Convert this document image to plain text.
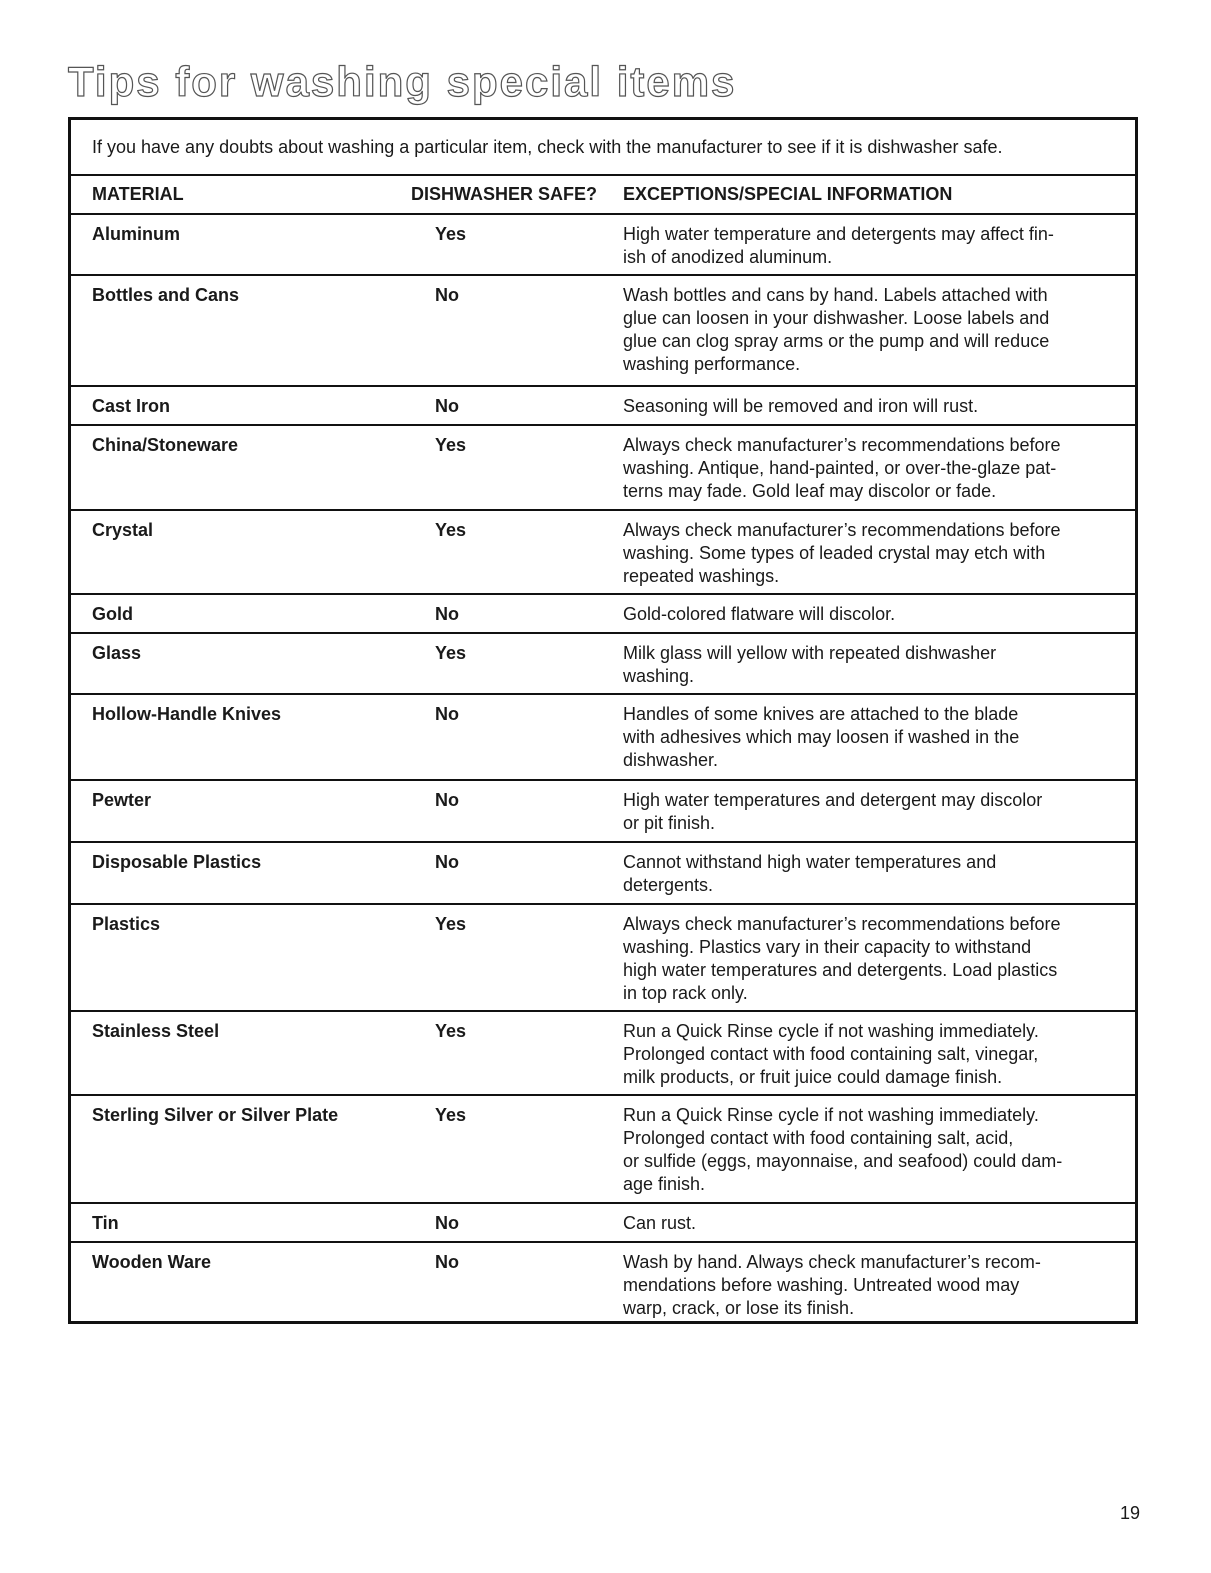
Tips for washing special items
If you have any doubts about washing a particular item, check with the manufacturer to see if it is dishwasher safe.
MATERIAL	DISHWASHER SAFE?	EXCEPTIONS/SPECIAL INFORMATION
Aluminum	Yes	High water temperature and detergents may affect fin-
ish of anodized aluminum.
Bottles and Cans	No	Wash bottles and cans by hand. Labels attached with
glue can loosen in your dishwasher. Loose labels and
glue can clog spray arms or the pump and will reduce
washing performance.
Cast Iron	No	Seasoning will be removed and iron will rust.
China/Stoneware	Yes	Always check manufacturer’s recommendations before
washing. Antique, hand-painted, or over-the-glaze pat-
terns may fade. Gold leaf may discolor or fade.
Crystal	Yes	Always check manufacturer’s recommendations before
washing. Some types of leaded crystal may etch with
repeated washings.
Gold	No	Gold-colored flatware will discolor.
Glass	Yes	Milk glass will yellow with repeated dishwasher
washing.
Hollow-Handle Knives	No	Handles of some knives are attached to the blade
with adhesives which may loosen if washed in the
dishwasher.
Pewter	No	High water temperatures and detergent may discolor
or pit finish.
Disposable Plastics	No	Cannot withstand high water temperatures and
detergents.
Plastics	Yes	Always check manufacturer’s recommendations before
washing. Plastics vary in their capacity to withstand
high water temperatures and detergents. Load plastics
in top rack only.
Stainless Steel	Yes	Run a Quick Rinse cycle if not washing immediately.
Prolonged contact with food containing salt, vinegar,
milk products, or fruit juice could damage finish.
Sterling Silver or Silver Plate	Yes	Run a Quick Rinse cycle if not washing immediately.
Prolonged contact with food containing salt, acid,
or sulfide (eggs, mayonnaise, and seafood) could dam-
age finish.
Tin	No	Can rust.
Wooden Ware	No	Wash by hand. Always check manufacturer’s recom-
mendations before washing. Untreated wood may
warp, crack, or lose its finish.
19
